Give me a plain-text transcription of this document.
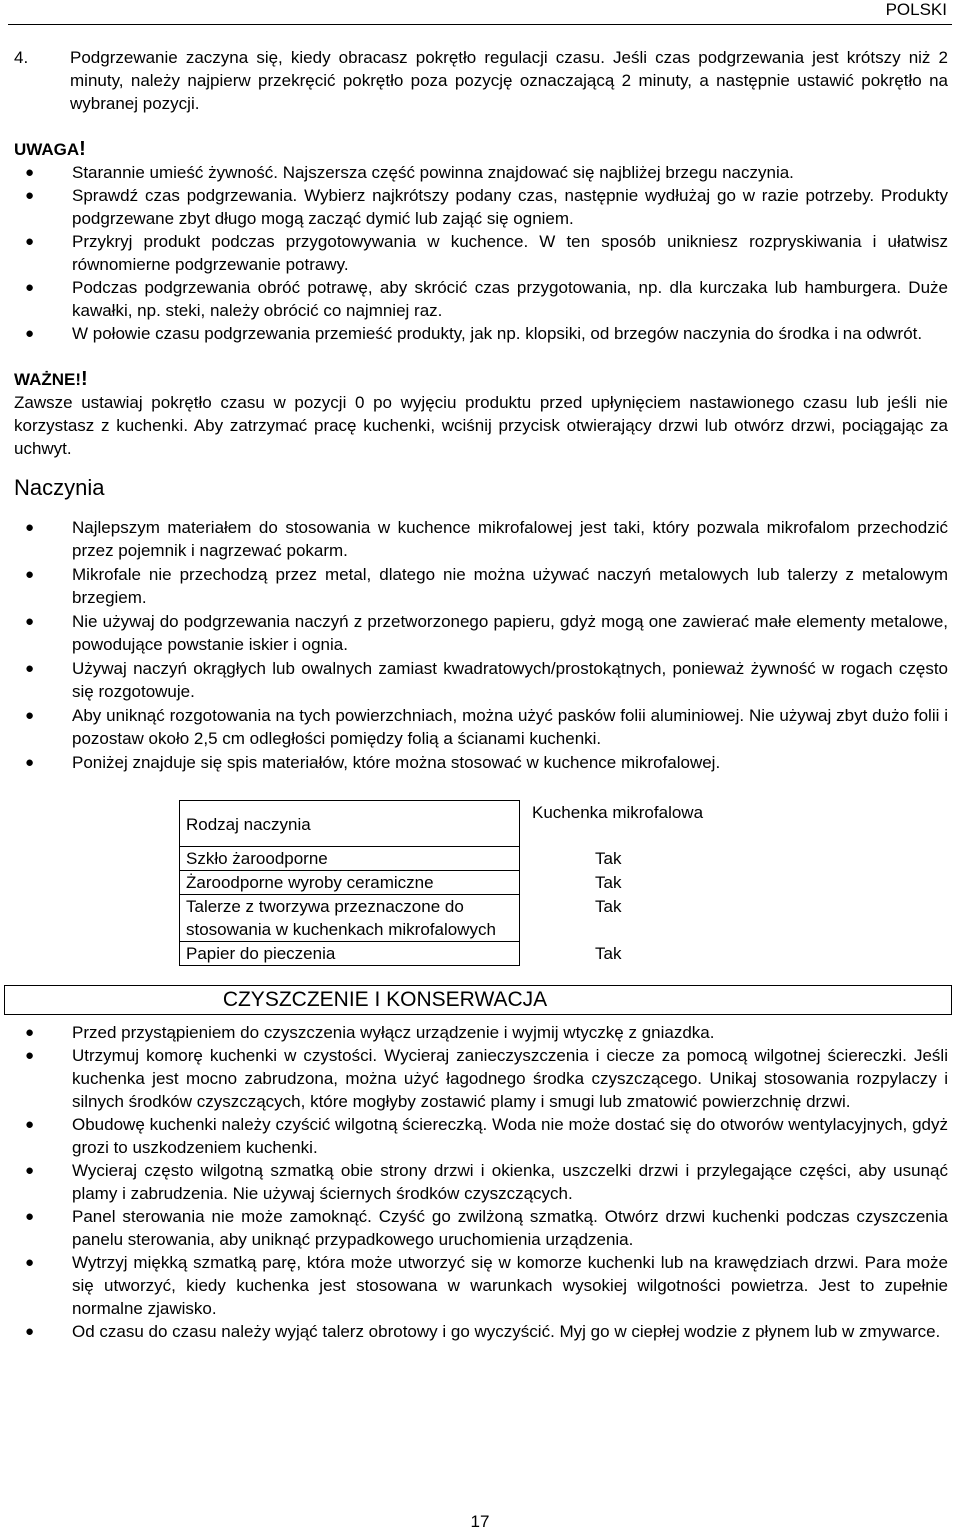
POLSKI
4.	Podgrzewanie zaczyna się, kiedy obracasz pokrętło regulacji czasu. Jeśli czas podgrzewania jest krótszy niż 2 minuty, należy najpierw przekręcić pokrętło poza pozycję oznaczającą 2 minuty, a następnie ustawić pokrętło na wybranej pozycji.
UWAGA!
● Starannie umieść żywność. Najszersza część powinna znajdować się najbliżej brzegu naczynia.
● Sprawdź czas podgrzewania. Wybierz najkrótszy podany czas, następnie wydłużaj go w razie potrzeby. Produkty podgrzewane zbyt długo mogą zacząć dymić lub zająć się ogniem.
● Przykryj produkt podczas przygotowywania w kuchence. W ten sposób unikniesz rozpryskiwania i ułatwisz równomierne podgrzewanie potrawy.
● Podczas podgrzewania obróć potrawę, aby skrócić czas przygotowania, np. dla kurczaka lub hamburgera. Duże kawałki, np. steki, należy obrócić co najmniej raz.
● W połowie czasu podgrzewania przemieść produkty, jak np. klopsiki, od brzegów naczynia do środka i na odwrót.
WAŻNE!!
Zawsze ustawiaj pokrętło czasu w pozycji 0 po wyjęciu produktu przed upłynięciem nastawionego czasu lub jeśli nie korzystasz z kuchenki. Aby zatrzymać pracę kuchenki, wciśnij przycisk otwierający drzwi lub otwórz drzwi, pociągając za uchwyt.
Naczynia
● Najlepszym materiałem do stosowania w kuchence mikrofalowej jest taki, który pozwala mikrofalom przechodzić przez pojemnik i nagrzewać pokarm.
● Mikrofale nie przechodzą przez metal, dlatego nie można używać naczyń metalowych lub talerzy z metalowym brzegiem.
● Nie używaj do podgrzewania naczyń z przetworzonego papieru, gdyż mogą one zawierać małe elementy metalowe, powodujące powstanie iskier i ognia.
● Używaj naczyń okrągłych lub owalnych zamiast kwadratowych/prostokątnych, ponieważ żywność w rogach często się rozgotowuje.
● Aby uniknąć rozgotowania na tych powierzchniach, można użyć pasków folii aluminiowej. Nie używaj zbyt dużo folii i pozostaw około 2,5 cm odległości pomiędzy folią a ścianami kuchenki.
● Poniżej znajduje się spis materiałów, które można stosować w kuchence mikrofalowej.
Rodzaj naczynia	Kuchenka mikrofalowa
Szkło żaroodporne	Tak
Żaroodporne wyroby ceramiczne	Tak
Talerze z tworzywa przeznaczone do stosowania w kuchenkach mikrofalowych	Tak
Papier do pieczenia	Tak
CZYSZCZENIE I KONSERWACJA
● Przed przystąpieniem do czyszczenia wyłącz urządzenie i wyjmij wtyczkę z gniazdka.
● Utrzymuj komorę kuchenki w czystości. Wycieraj zanieczyszczenia i ciecze za pomocą wilgotnej ściereczki. Jeśli kuchenka jest mocno zabrudzona, można użyć łagodnego środka czyszczącego. Unikaj stosowania rozpylaczy i silnych środków czyszczących, które mogłyby zostawić plamy i smugi lub zmatowić powierzchnię drzwi.
● Obudowę kuchenki należy czyścić wilgotną ściereczką. Woda nie może dostać się do otworów wentylacyjnych, gdyż grozi to uszkodzeniem kuchenki.
● Wycieraj często wilgotną szmatką obie strony drzwi i okienka, uszczelki drzwi i przylegające części, aby usunąć plamy i zabrudzenia. Nie używaj ściernych środków czyszczących.
● Panel sterowania nie może zamoknąć. Czyść go zwilżoną szmatką. Otwórz drzwi kuchenki podczas czyszczenia panelu sterowania, aby uniknąć przypadkowego uruchomienia urządzenia.
● Wytrzyj miękką szmatką parę, która może utworzyć się w komorze kuchenki lub na krawędziach drzwi. Para może się utworzyć, kiedy kuchenka jest stosowana w warunkach wysokiej wilgotności powietrza. Jest to zupełnie normalne zjawisko.
● Od czasu do czasu należy wyjąć talerz obrotowy i go wyczyścić. Myj go w ciepłej wodzie z płynem lub w zmywarce.
17
